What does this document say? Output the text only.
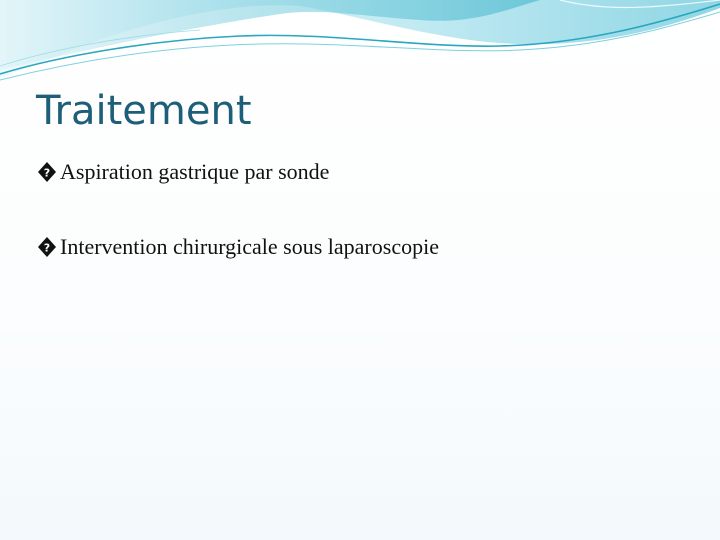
Traitement
? Aspiration gastrique par sonde
? Intervention chirurgicale sous laparoscopie
